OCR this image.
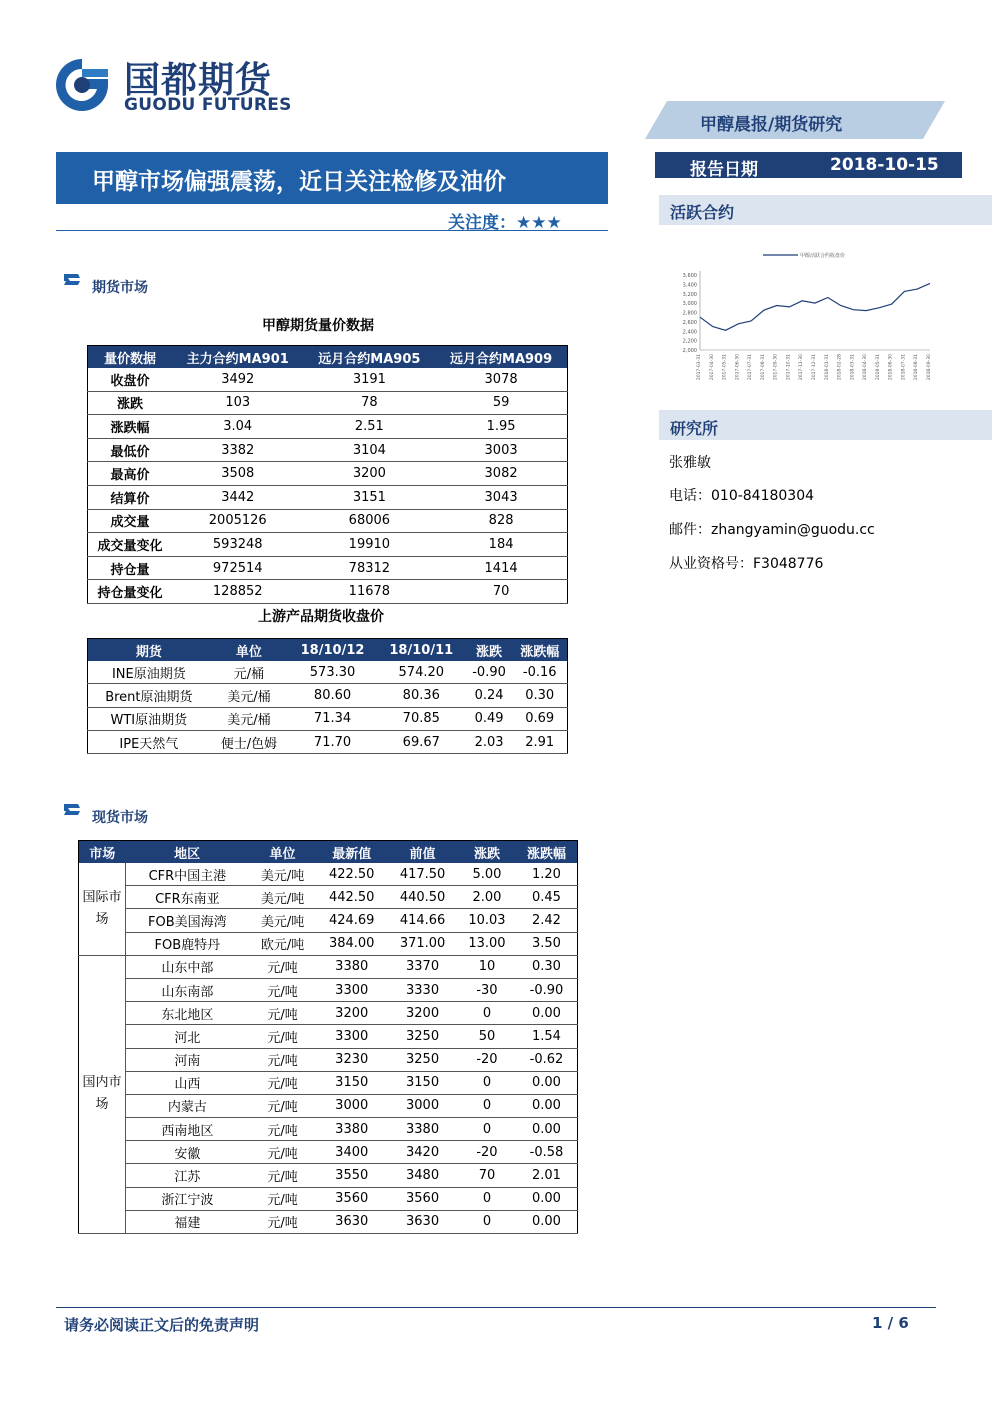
国都期货
GUODU FUTURES
甲醇晨报/期货研究
甲醇市场偏强震荡，近日关注检修及油价
关注度：★★★
报告日期	2018-10-15
活跃合约
甲醇活跃合约收盘价
3,600
3,400
3,200
3,000
2,800
2,600
2,400
2,200
2,000
2017-03-31 2017-04-30 2017-05-31 2017-06-30 2017-07-31 2017-08-31 2017-09-30 2017-10-31 2017-11-30 2017-12-31 2018-01-31 2018-02-28 2018-03-31 2018-04-30 2018-05-31 2018-06-30 2018-07-31 2018-08-31 2018-09-30
研究所
张雅敏
电话：010-84180304
邮件：zhangyamin@guodu.cc
从业资格号：F3048776
期货市场
甲醇期货量价数据
量价数据	主力合约MA901	远月合约MA905	远月合约MA909
收盘价	3492	3191	3078
涨跌	103	78	59
涨跌幅	3.04	2.51	1.95
最低价	3382	3104	3003
最高价	3508	3200	3082
结算价	3442	3151	3043
成交量	2005126	68006	828
成交量变化	593248	19910	184
持仓量	972514	78312	1414
持仓量变化	128852	11678	70
上游产品期货收盘价
期货	单位	18/10/12	18/10/11	涨跌	涨跌幅
INE原油期货	元/桶	573.30	574.20	-0.90	-0.16
Brent原油期货	美元/桶	80.60	80.36	0.24	0.30
WTI原油期货	美元/桶	71.34	70.85	0.49	0.69
IPE天然气	便士/色姆	71.70	69.67	2.03	2.91
现货市场
市场	地区	单位	最新值	前值	涨跌	涨跌幅
国际市场	CFR中国主港	美元/吨	422.50	417.50	5.00	1.20
	CFR东南亚	美元/吨	442.50	440.50	2.00	0.45
	FOB美国海湾	美元/吨	424.69	414.66	10.03	2.42
	FOB鹿特丹	欧元/吨	384.00	371.00	13.00	3.50
国内市场	山东中部	元/吨	3380	3370	10	0.30
	山东南部	元/吨	3300	3330	-30	-0.90
	东北地区	元/吨	3200	3200	0	0.00
	河北	元/吨	3300	3250	50	1.54
	河南	元/吨	3230	3250	-20	-0.62
	山西	元/吨	3150	3150	0	0.00
	内蒙古	元/吨	3000	3000	0	0.00
	西南地区	元/吨	3380	3380	0	0.00
	安徽	元/吨	3400	3420	-20	-0.58
	江苏	元/吨	3550	3480	70	2.01
	浙江宁波	元/吨	3560	3560	0	0.00
	福建	元/吨	3630	3630	0	0.00
请务必阅读正文后的免责声明	1 / 6
